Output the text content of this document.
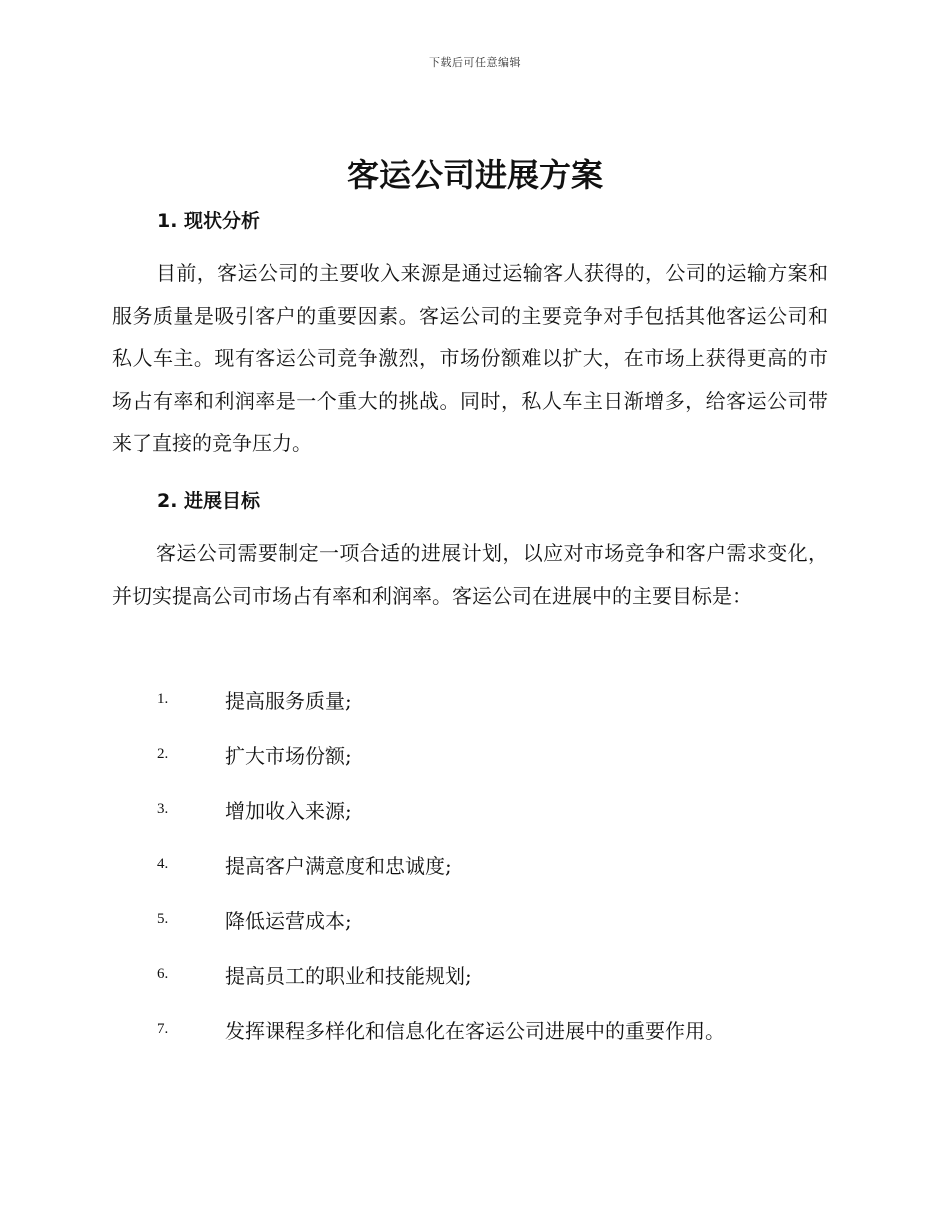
下载后可任意编辑
客运公司进展方案
1. 现状分析

目前，客运公司的主要收入来源是通过运输客人获得的，公司的运输方案和服务质量是吸引客户的重要因素。客运公司的主要竞争对手包括其他客运公司和私人车主。现有客运公司竞争激烈，市场份额难以扩大，在市场上获得更高的市场占有率和利润率是一个重大的挑战。同时，私人车主日渐增多，给客运公司带来了直接的竞争压力。

2. 进展目标

客运公司需要制定一项合适的进展计划，以应对市场竞争和客户需求变化，并切实提高公司市场占有率和利润率。客运公司在进展中的主要目标是：

1.	提高服务质量;
2.	扩大市场份额;
3.	增加收入来源;
4.	提高客户满意度和忠诚度;
5.	降低运营成本;
6.	提高员工的职业和技能规划;
7.	发挥课程多样化和信息化在客运公司进展中的重要作用。
